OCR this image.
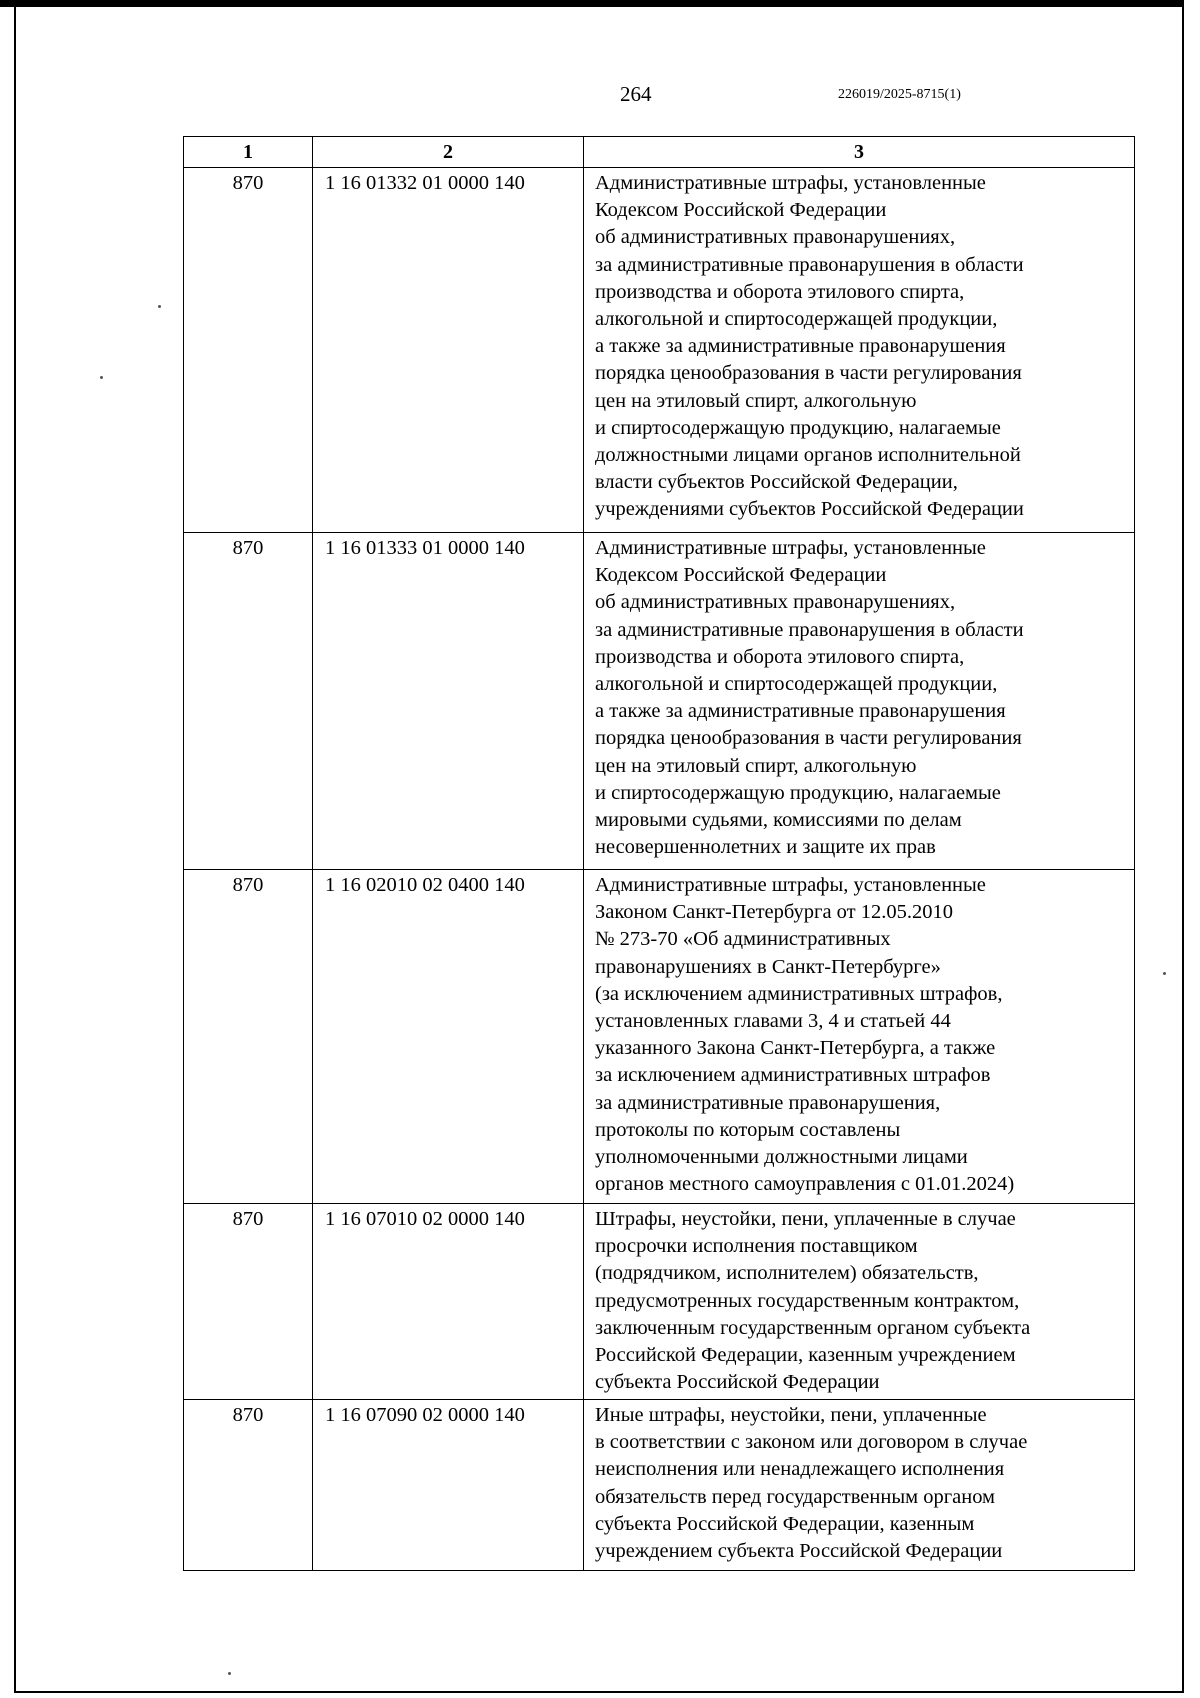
264	226019/2025-8715(1)
1	2	3
870	1 16 01332 01 0000 140	Административные штрафы, установленные
Кодексом Российской Федерации
об административных правонарушениях,
за административные правонарушения в области
производства и оборота этилового спирта,
алкогольной и спиртосодержащей продукции,
а также за административные правонарушения
порядка ценообразования в части регулирования
цен на этиловый спирт, алкогольную
и спиртосодержащую продукцию, налагаемые
должностными лицами органов исполнительной
власти субъектов Российской Федерации,
учреждениями субъектов Российской Федерации
870	1 16 01333 01 0000 140	Административные штрафы, установленные
Кодексом Российской Федерации
об административных правонарушениях,
за административные правонарушения в области
производства и оборота этилового спирта,
алкогольной и спиртосодержащей продукции,
а также за административные правонарушения
порядка ценообразования в части регулирования
цен на этиловый спирт, алкогольную
и спиртосодержащую продукцию, налагаемые
мировыми судьями, комиссиями по делам
несовершеннолетних и защите их прав
870	1 16 02010 02 0400 140	Административные штрафы, установленные
Законом Санкт-Петербурга от 12.05.2010
№ 273-70 «Об административных
правонарушениях в Санкт-Петербурге»
(за исключением административных штрафов,
установленных главами 3, 4 и статьей 44
указанного Закона Санкт-Петербурга, а также
за исключением административных штрафов
за административные правонарушения,
протоколы по которым составлены
уполномоченными должностными лицами
органов местного самоуправления с 01.01.2024)
870	1 16 07010 02 0000 140	Штрафы, неустойки, пени, уплаченные в случае
просрочки исполнения поставщиком
(подрядчиком, исполнителем) обязательств,
предусмотренных государственным контрактом,
заключенным государственным органом субъекта
Российской Федерации, казенным учреждением
субъекта Российской Федерации
870	1 16 07090 02 0000 140	Иные штрафы, неустойки, пени, уплаченные
в соответствии с законом или договором в случае
неисполнения или ненадлежащего исполнения
обязательств перед государственным органом
субъекта Российской Федерации, казенным
учреждением субъекта Российской Федерации
